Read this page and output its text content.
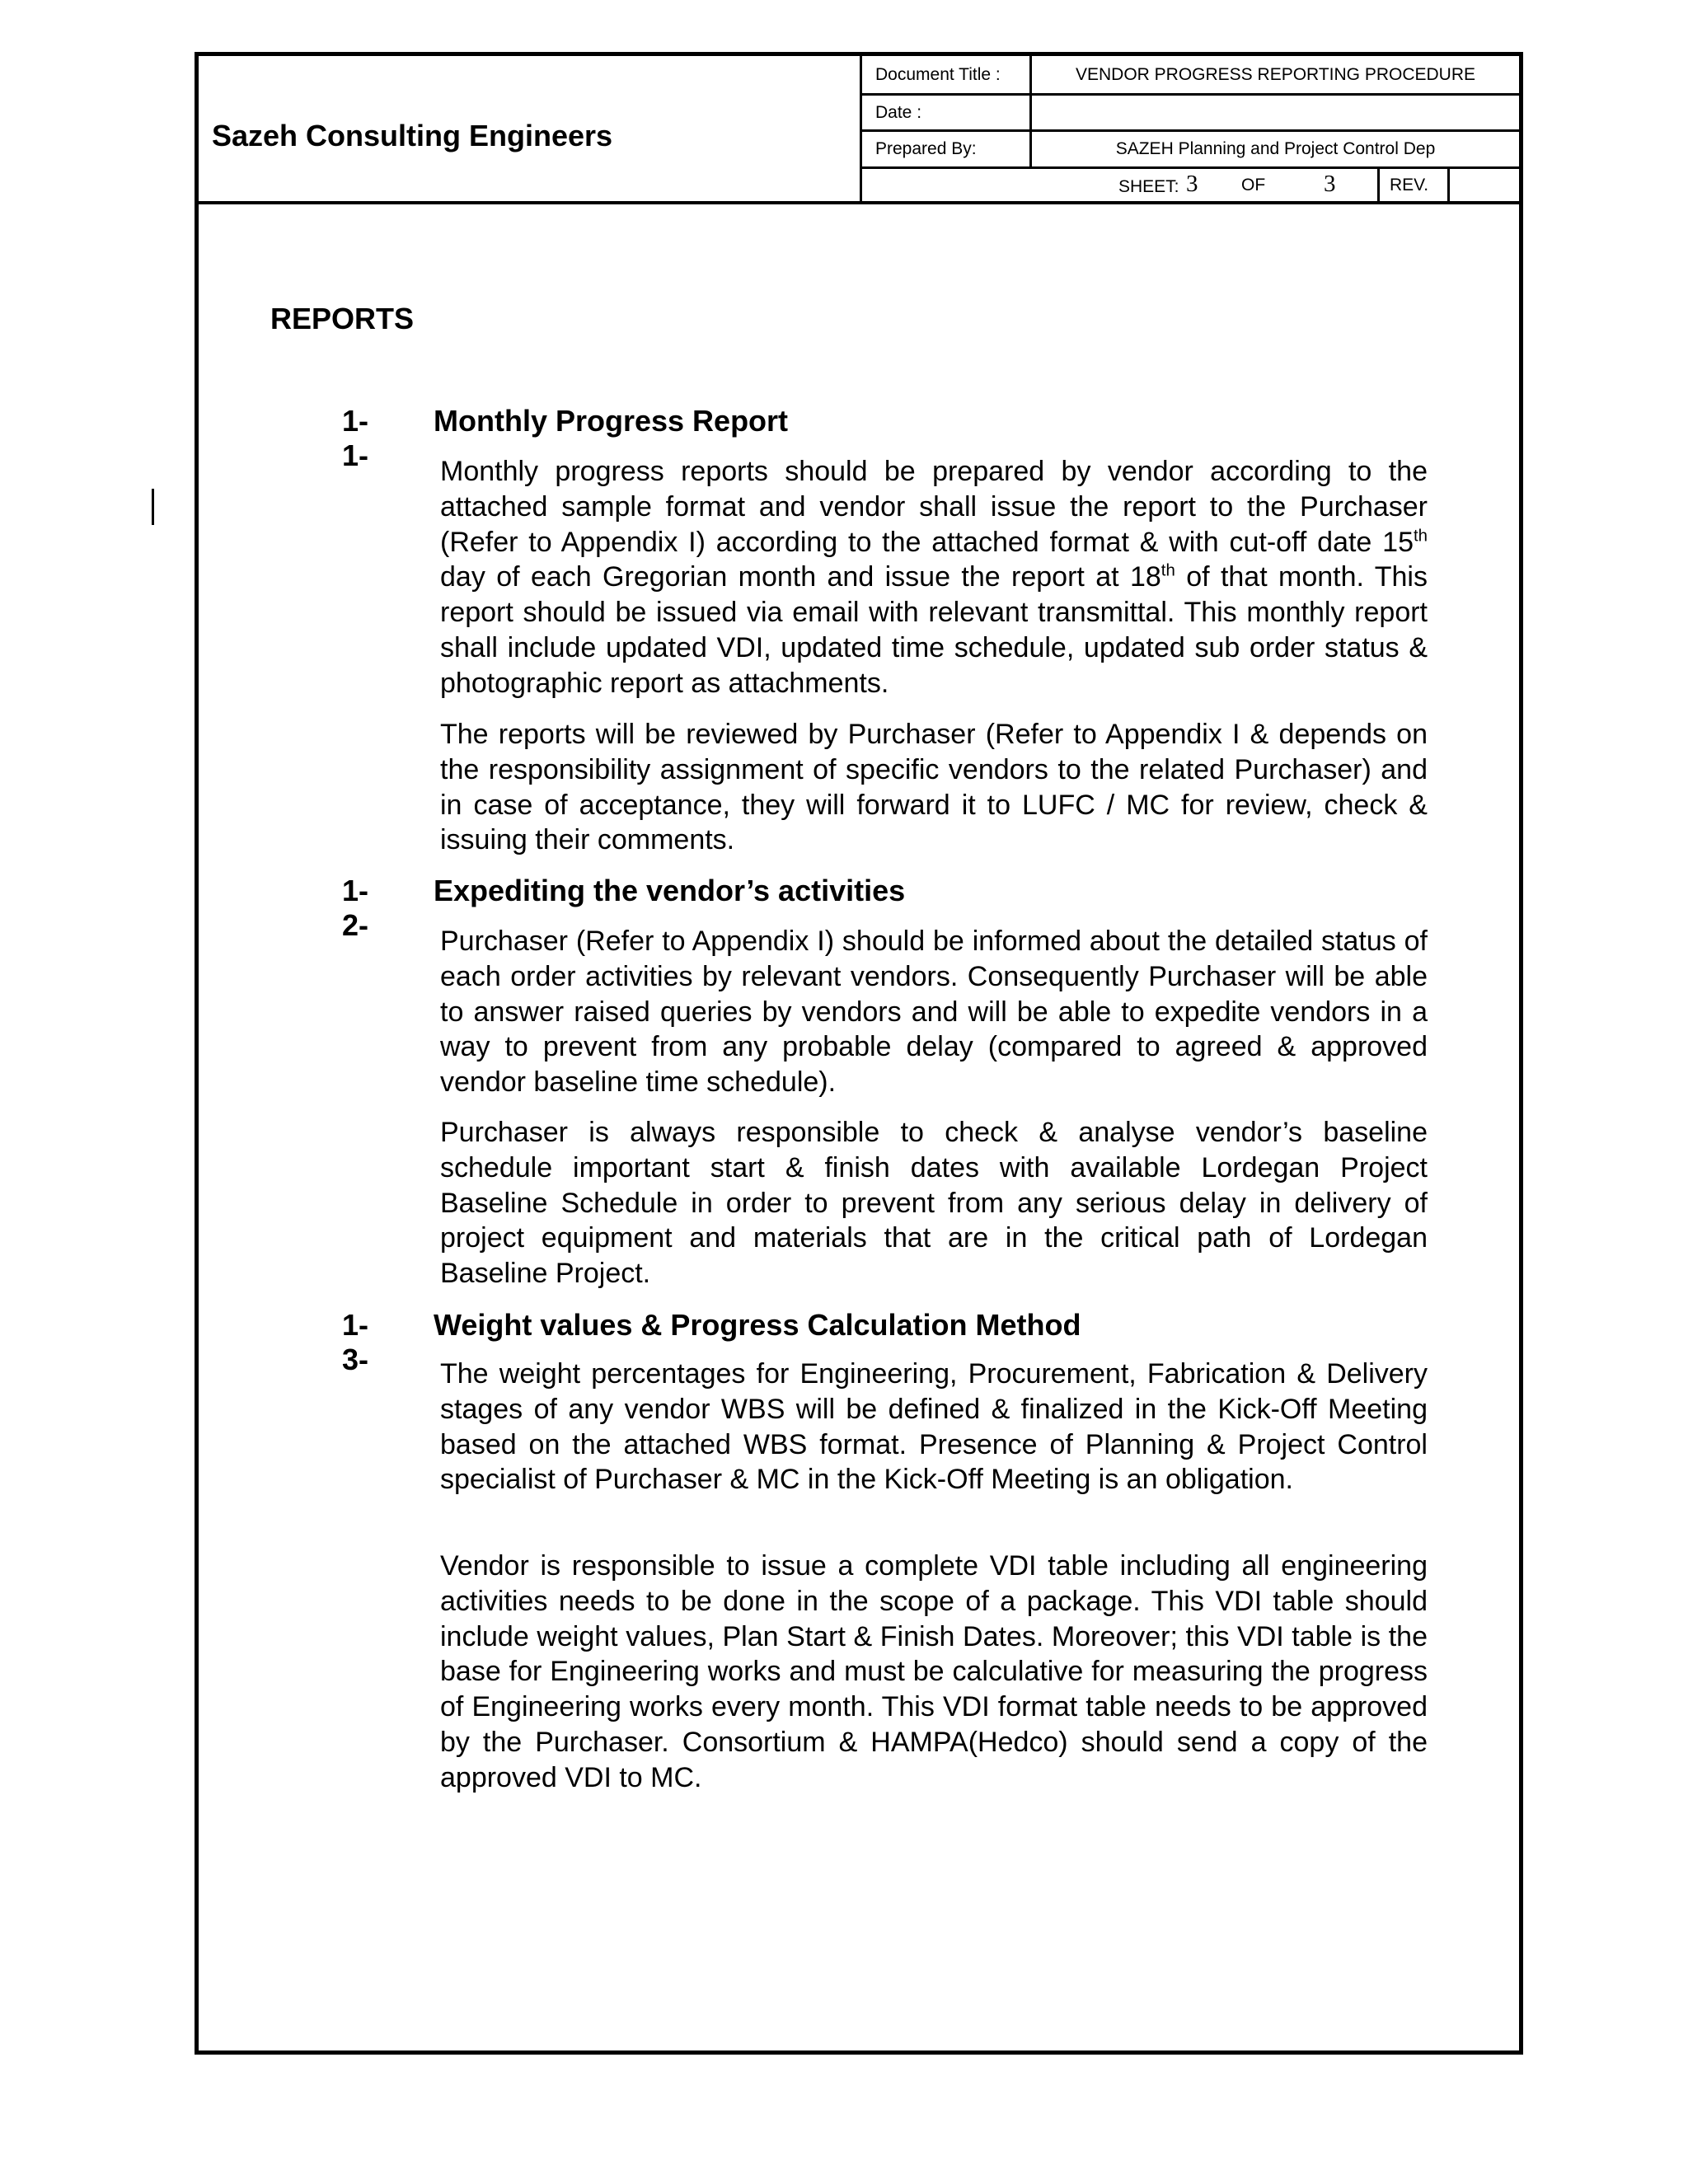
Sazeh Consulting Engineers
Document Title :	VENDOR PROGRESS REPORTING PROCEDURE
Date :
Prepared By:	SAZEH Planning and Project Control Dep
SHEET: 3	OF 3	REV.
REPORTS
1-1-
Monthly Progress Report
Monthly progress reports should be prepared by vendor according to the attached sample format and vendor shall issue the report to the Purchaser (Refer to Appendix I) according to the attached format & with cut-off date 15th day of each Gregorian month and issue the report at 18th of that month. This report should be issued via email with relevant transmittal. This monthly report shall include updated VDI, updated time schedule, updated sub order status & photographic report as attachments.
The reports will be reviewed by Purchaser (Refer to Appendix I & depends on the responsibility assignment of specific vendors to the related Purchaser) and in case of acceptance, they will forward it to LUFC / MC for review, check & issuing their comments.
1-2-
Expediting the vendor’s activities
Purchaser (Refer to Appendix I) should be informed about the detailed status of each order activities by relevant vendors. Consequently Purchaser will be able to answer raised queries by vendors and will be able to expedite vendors in a way to prevent from any probable delay (compared to agreed & approved vendor baseline time schedule).
Purchaser is always responsible to check & analyse vendor’s baseline schedule important start & finish dates with available Lordegan Project Baseline Schedule in order to prevent from any serious delay in delivery of project equipment and materials that are in the critical path of Lordegan Baseline Project.
1-3-
Weight values & Progress Calculation Method
The weight percentages for Engineering, Procurement, Fabrication & Delivery stages of any vendor WBS will be defined & finalized in the Kick-Off Meeting based on the attached WBS format. Presence of Planning & Project Control specialist of Purchaser & MC in the Kick-Off Meeting is an obligation.
Vendor is responsible to issue a complete VDI table including all engineering activities needs to be done in the scope of a package. This VDI table should include weight values, Plan Start & Finish Dates. Moreover; this VDI table is the base for Engineering works and must be calculative for measuring the progress of Engineering works every month. This VDI format table needs to be approved by the Purchaser. Consortium & HAMPA(Hedco) should send a copy of the approved VDI to MC.
